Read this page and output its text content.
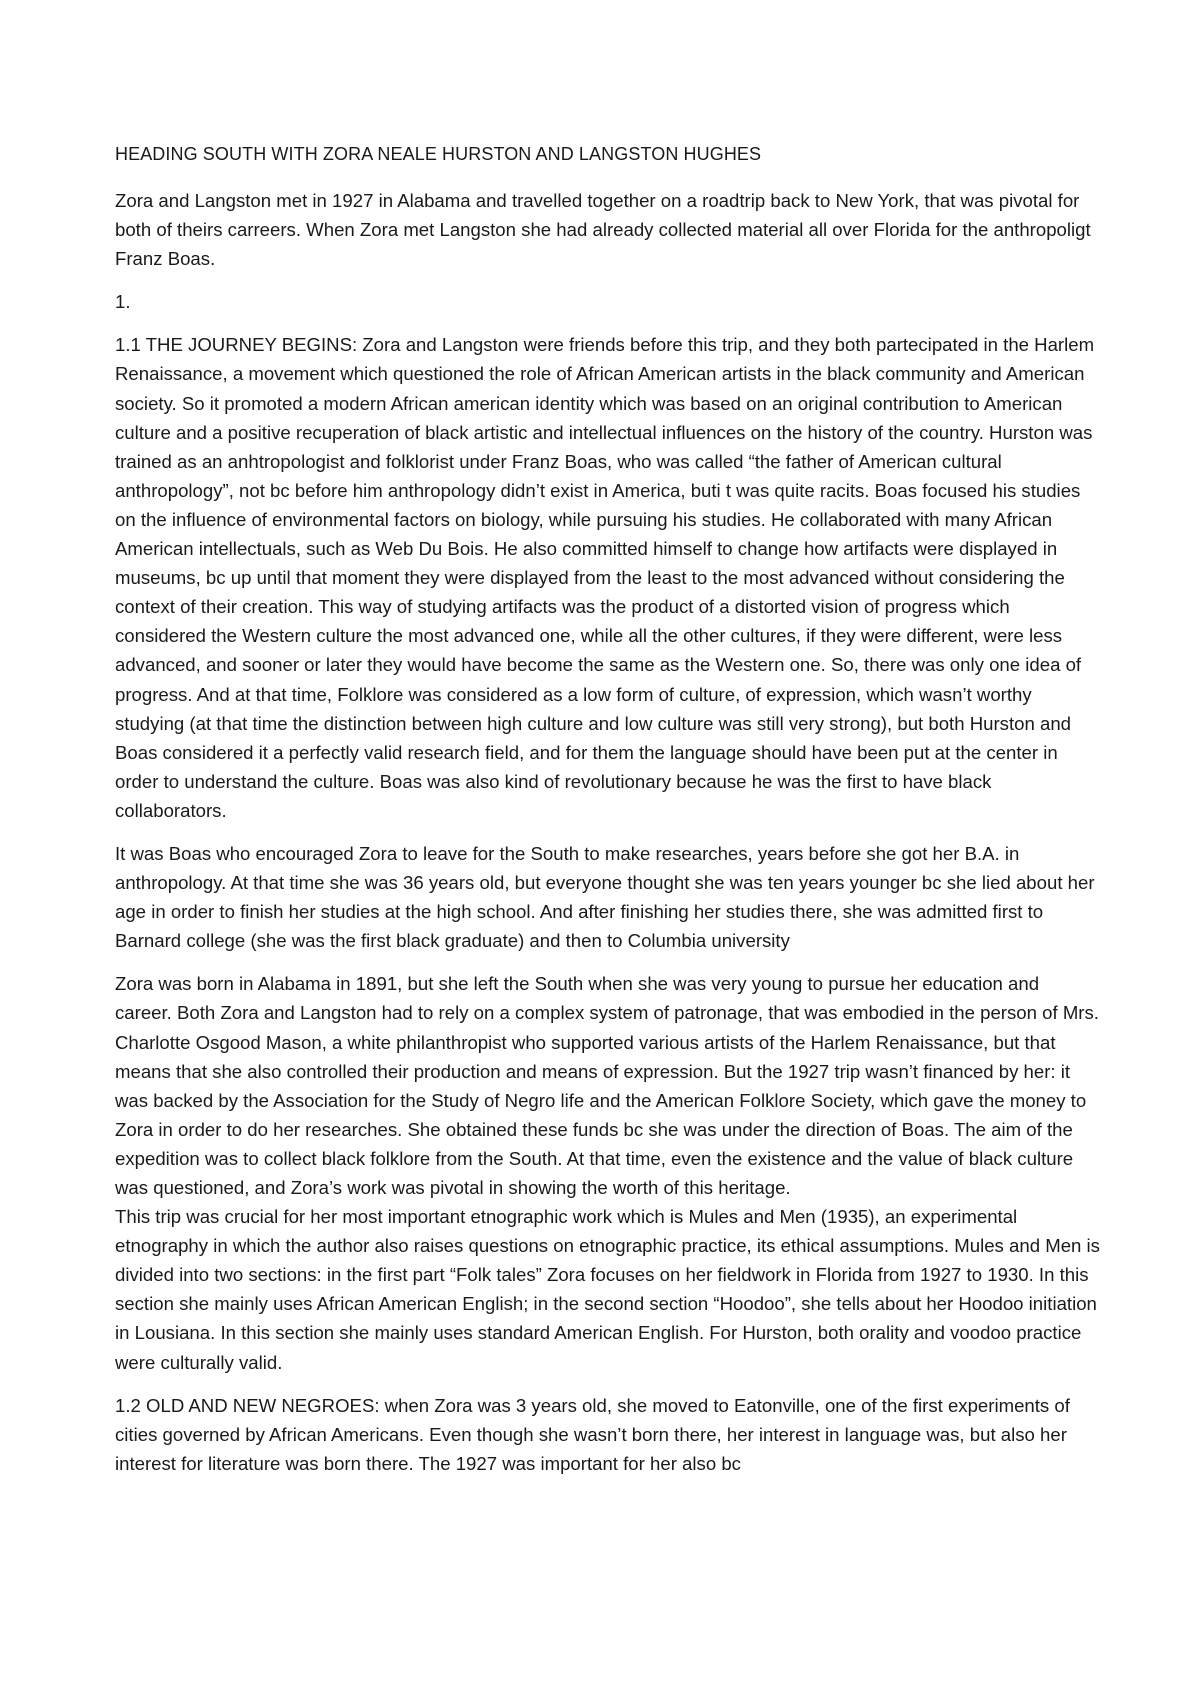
HEADING SOUTH WITH ZORA NEALE HURSTON AND LANGSTON HUGHES

Zora and Langston met in 1927 in Alabama and travelled together on a roadtrip back to New York, that was pivotal for both of theirs carreers. When Zora met Langston she had already collected material all over Florida for the anthropoligt Franz Boas.

1.

1.1 THE JOURNEY BEGINS: Zora and Langston were friends before this trip, and they both partecipated in the Harlem Renaissance, a movement which questioned the role of African American artists in the black community and American society. So it promoted a modern African american identity which was based on an original contribution to American culture and a positive recuperation of black artistic and intellectual influences on the history of the country. Hurston was trained as an anhtropologist and folklorist under Franz Boas, who was called “the father of American cultural anthropology”, not bc before him anthropology didn’t exist in America, buti t was quite racits. Boas focused his studies on the influence of environmental factors on biology, while pursuing his studies. He collaborated with many African American intellectuals, such as Web Du Bois. He also committed himself to change how artifacts were displayed in museums, bc up until that moment they were displayed from the least to the most advanced without considering the context of their creation. This way of studying artifacts was the product of a distorted vision of progress which considered the Western culture the most advanced one, while all the other cultures, if they were different, were less advanced, and sooner or later they would have become the same as the Western one. So, there was only one idea of progress. And at that time, Folklore was considered as a low form of culture, of expression, which wasn’t worthy studying (at that time the distinction between high culture and low culture was still very strong), but both Hurston and Boas considered it a perfectly valid research field, and for them the language should have been put at the center in order to understand the culture. Boas was also kind of revolutionary because he was the first to have black collaborators.

It was Boas who encouraged Zora to leave for the South to make researches, years before she got her B.A. in anthropology. At that time she was 36 years old, but everyone thought she was ten years younger bc she lied about her age in order to finish her studies at the high school. And after finishing her studies there, she was admitted first to Barnard college (she was the first black graduate) and then to Columbia university

Zora was born in Alabama in 1891, but she left the South when she was very young to pursue her education and career. Both Zora and Langston had to rely on a complex system of patronage, that was embodied in the person of Mrs. Charlotte Osgood Mason, a white philanthropist who supported various artists of the Harlem Renaissance, but that means that she also controlled their production and means of expression. But the 1927 trip wasn’t financed by her: it was backed by the Association for the Study of Negro life and the American Folklore Society, which gave the money to Zora in order to do her researches. She obtained these funds bc she was under the direction of Boas. The aim of the expedition was to collect black folklore from the South. At that time, even the existence and the value of black culture was questioned, and Zora’s work was pivotal in showing the worth of this heritage.

This trip was crucial for her most important etnographic work which is Mules and Men (1935), an experimental etnography in which the author also raises questions on etnographic practice, its ethical assumptions. Mules and Men is divided into two sections: in the first part “Folk tales” Zora focuses on her fieldwork in Florida from 1927 to 1930. In this section she mainly uses African American English; in the second section “Hoodoo”, she tells about her Hoodoo initiation in Lousiana. In this section she mainly uses standard American English. For Hurston, both orality and voodoo practice were culturally valid.

1.2 OLD AND NEW NEGROES: when Zora was 3 years old, she moved to Eatonville, one of the first experiments of cities governed by African Americans. Even though she wasn’t born there, her interest in language was, but also her interest for literature was born there. The 1927 was important for her also bc
